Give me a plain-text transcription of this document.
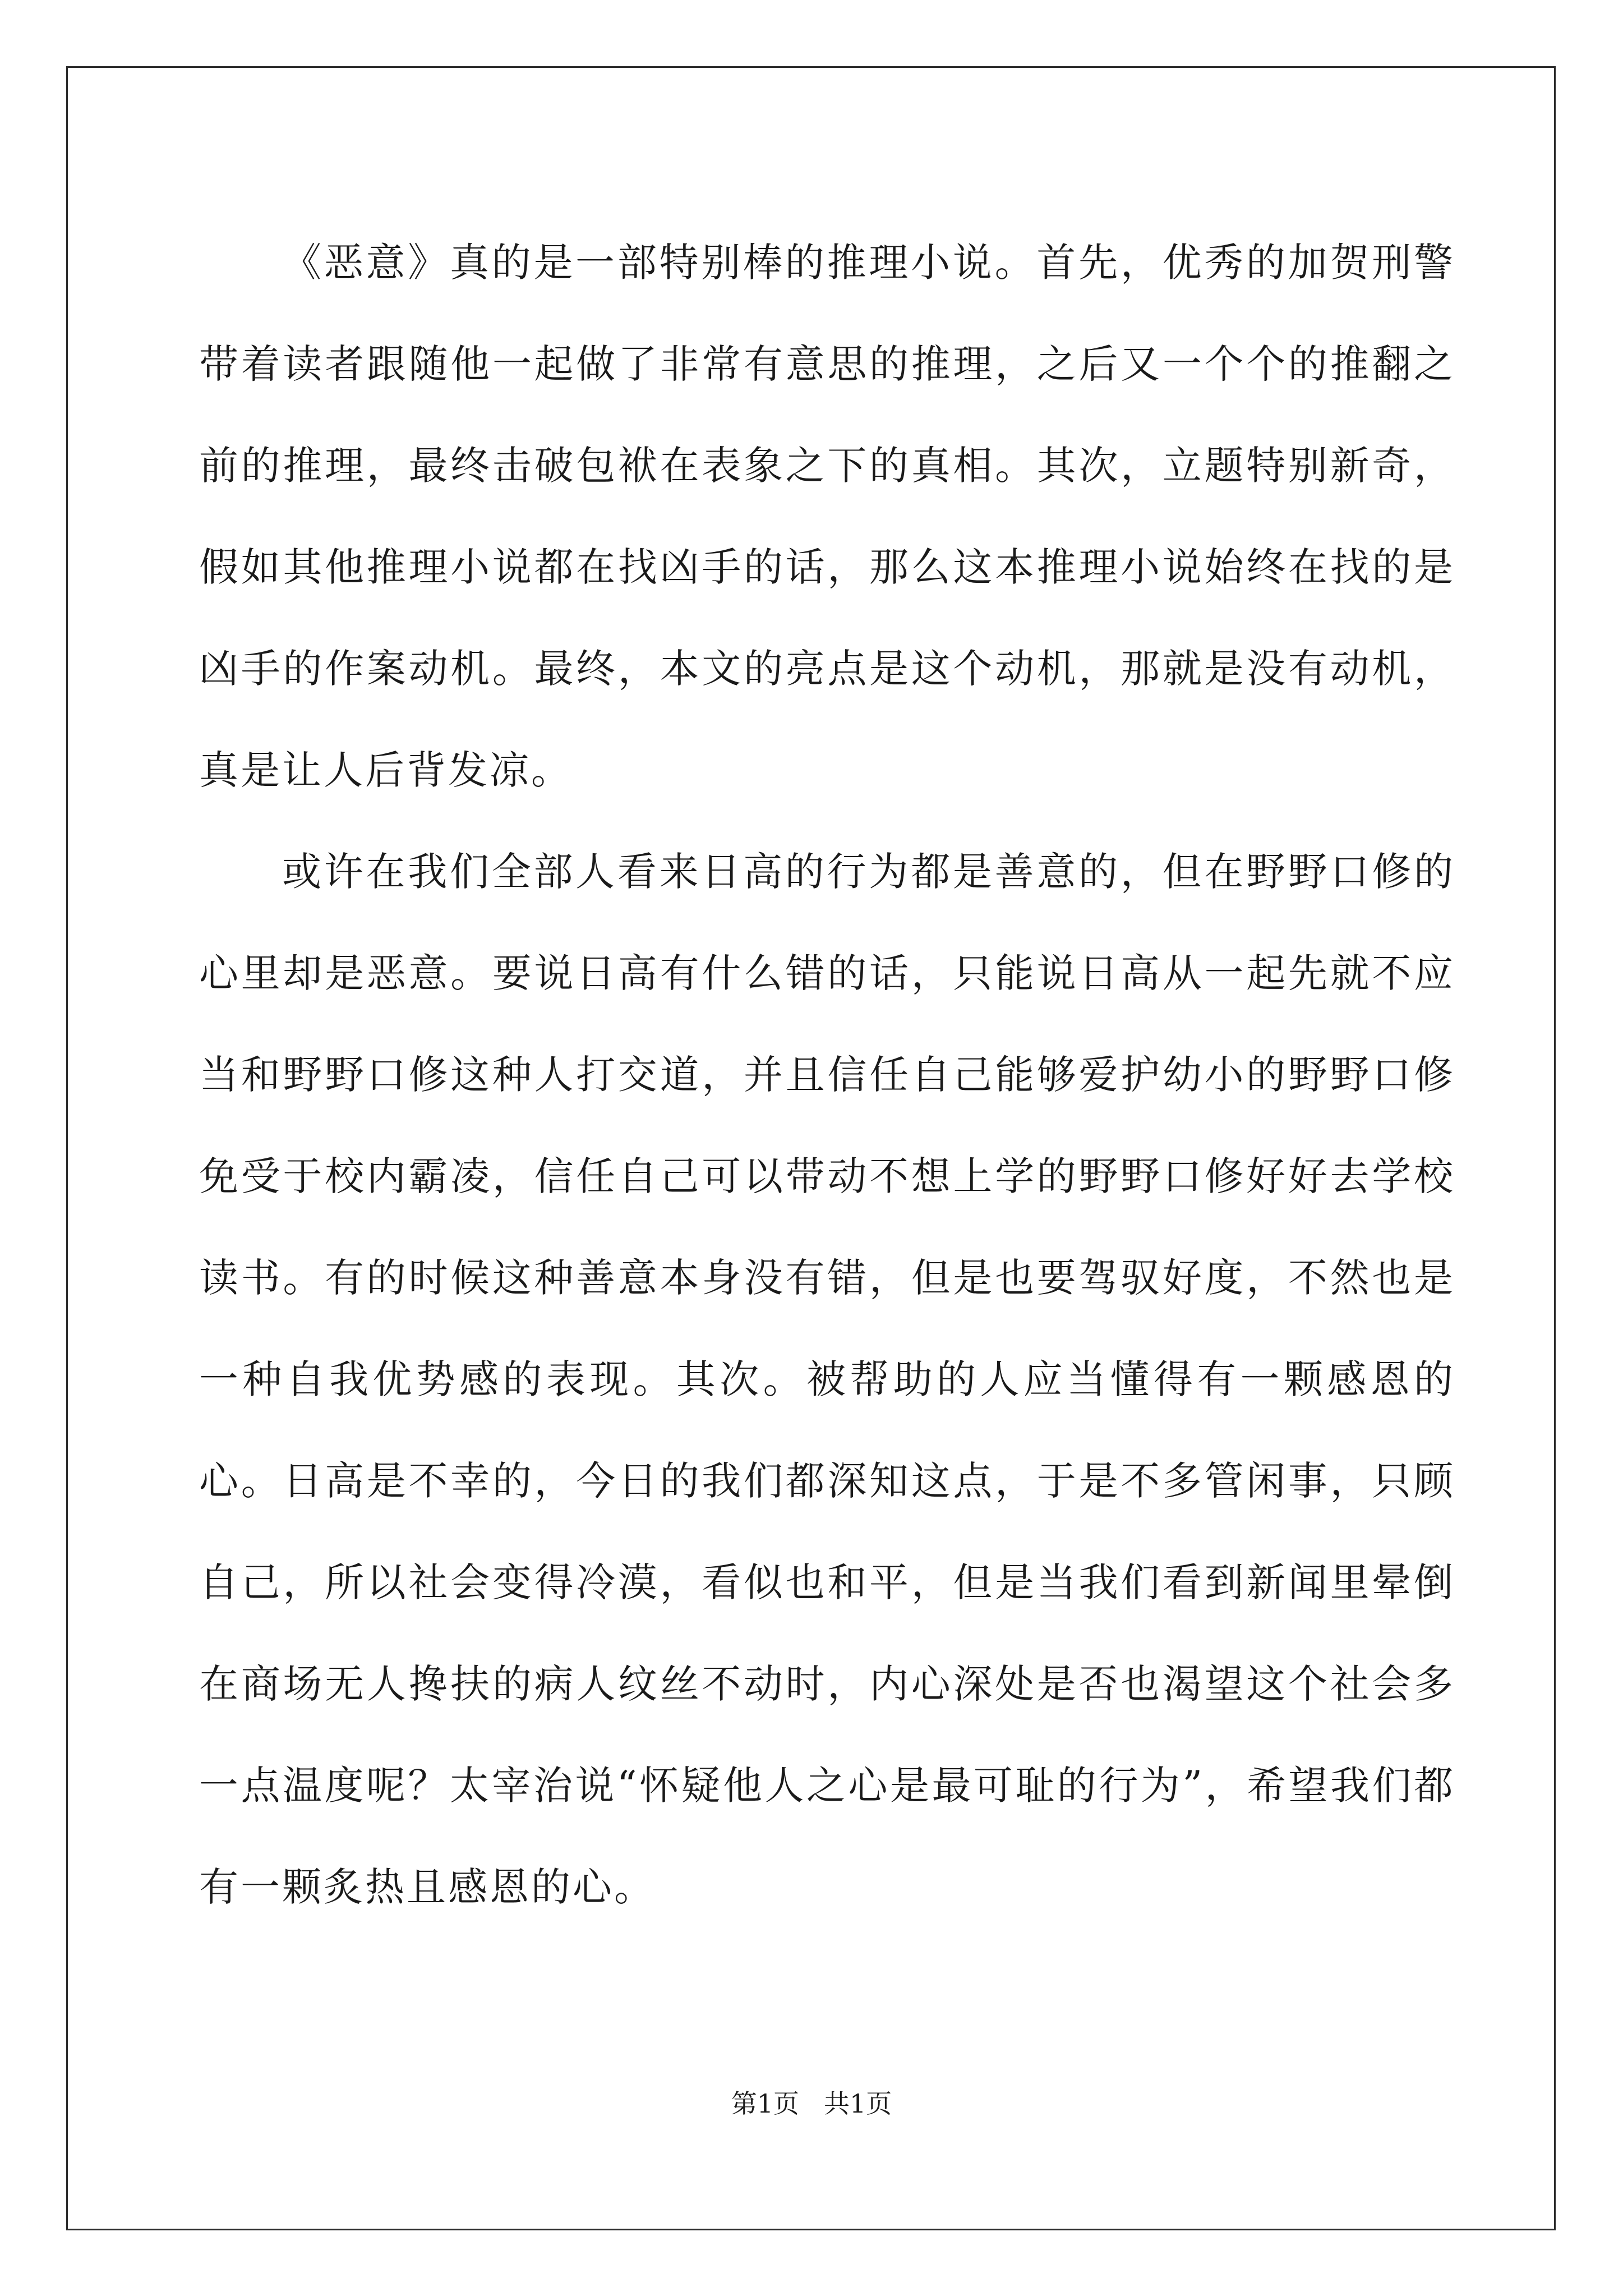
《恶意》真的是一部特别棒的推理小说。首先，优秀的加贺刑警带着读者跟随他一起做了非常有意思的推理，之后又一个个的推翻之前的推理，最终击破包袱在表象之下的真相。其次，立题特别新奇，假如其他推理小说都在找凶手的话，那么这本推理小说始终在找的是凶手的作案动机。最终，本文的亮点是这个动机，那就是没有动机，真是让人后背发凉。

或许在我们全部人看来日高的行为都是善意的，但在野野口修的心里却是恶意。要说日高有什么错的话，只能说日高从一起先就不应当和野野口修这种人打交道，并且信任自己能够爱护幼小的野野口修免受于校内霸凌，信任自己可以带动不想上学的野野口修好好去学校读书。有的时候这种善意本身没有错，但是也要驾驭好度，不然也是一种自我优势感的表现。其次。被帮助的人应当懂得有一颗感恩的心。日高是不幸的，今日的我们都深知这点，于是不多管闲事，只顾自己，所以社会变得冷漠，看似也和平，但是当我们看到新闻里晕倒在商场无人搀扶的病人纹丝不动时，内心深处是否也渴望这个社会多一点温度呢？太宰治说“怀疑他人之心是最可耻的行为”，希望我们都有一颗炙热且感恩的心。

第1页 共1页
